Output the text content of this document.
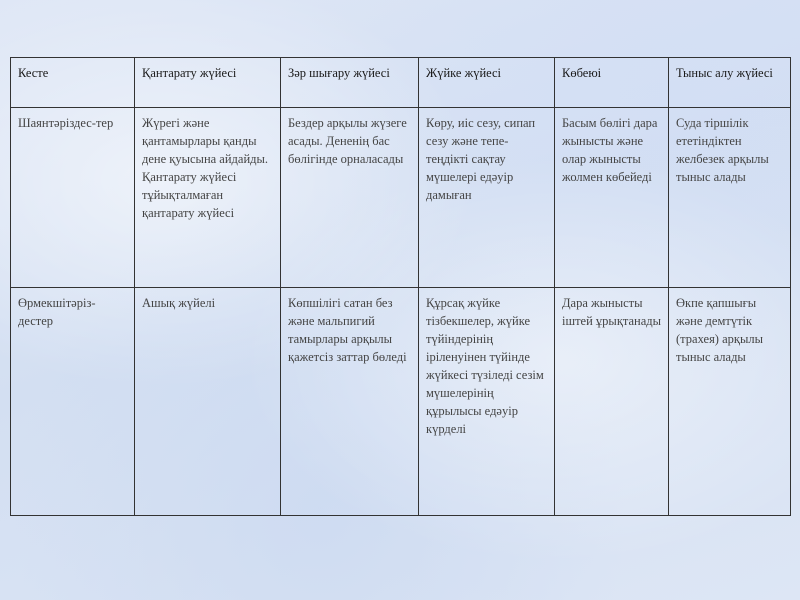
Кесте	Қантарату жүйесі	Зәр шығару жүйесі	Жүйке жүйесі	Көбеюі	Тыныс алу жүйесі
Шаянтәріздес-тер	Жүрегі және қантамырлары қанды дене қуысына айдайды. Қантарату жүйесі тұйықталмаған қантарату жүйесі	Бездер арқылы жүзеге асады. Дененің бас бөлігінде орналасады	Көру, иіс сезу, сипап сезу және тепе-теңдікті сақтау мүшелері едәуір дамыған	Басым бөлігі дара жынысты және олар жынысты жолмен көбейеді	Суда тіршілік ететіндіктен желбезек арқылы тыныс алады
Өрмекшітәріз-дестер	Ашық жүйелі	Көпшілігі сатан без және мальпигий тамырлары арқылы қажетсіз заттар бөледі	Құрсақ жүйке тізбекшелер, жүйке түйіндерінің іріленуінен түйінде жүйкесі түзіледі сезім мүшелерінің құрылысы едәуір күрделі	Дара жынысты іштей ұрықтанады	Өкпе қапшығы және демтүтік (трахея) арқылы тыныс алады
